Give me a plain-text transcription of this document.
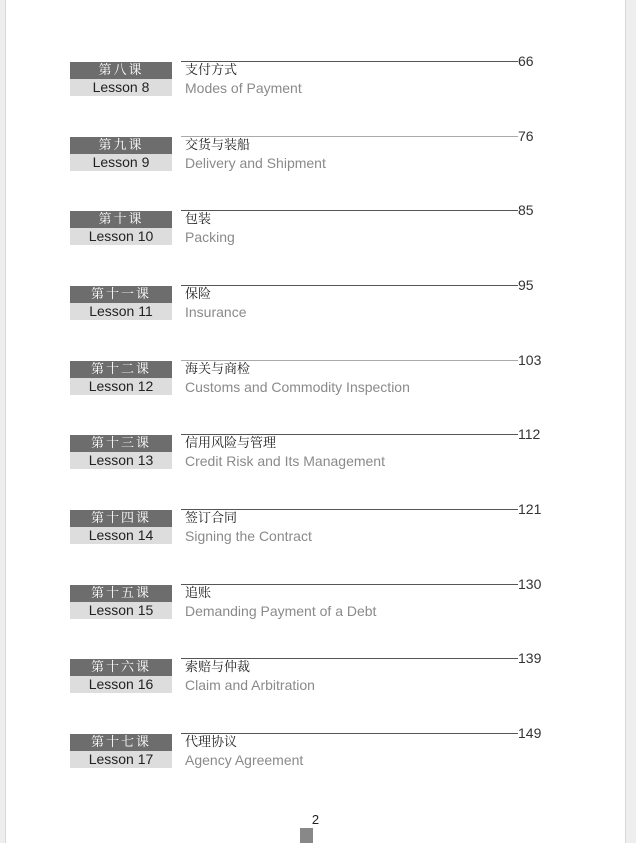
66
第八课
Lesson 8
支付方式
Modes of Payment
76
第九课
Lesson 9
交货与装船
Delivery and Shipment
85
第十课
Lesson 10
包装
Packing
95
第十一课
Lesson 11
保险
Insurance
103
第十二课
Lesson 12
海关与商检
Customs and Commodity Inspection
112
第十三课
Lesson 13
信用风险与管理
Credit Risk and Its Management
121
第十四课
Lesson 14
签订合同
Signing the Contract
130
第十五课
Lesson 15
追账
Demanding Payment of a Debt
139
第十六课
Lesson 16
索赔与仲裁
Claim and Arbitration
149
第十七课
Lesson 17
代理协议
Agency Agreement
2
